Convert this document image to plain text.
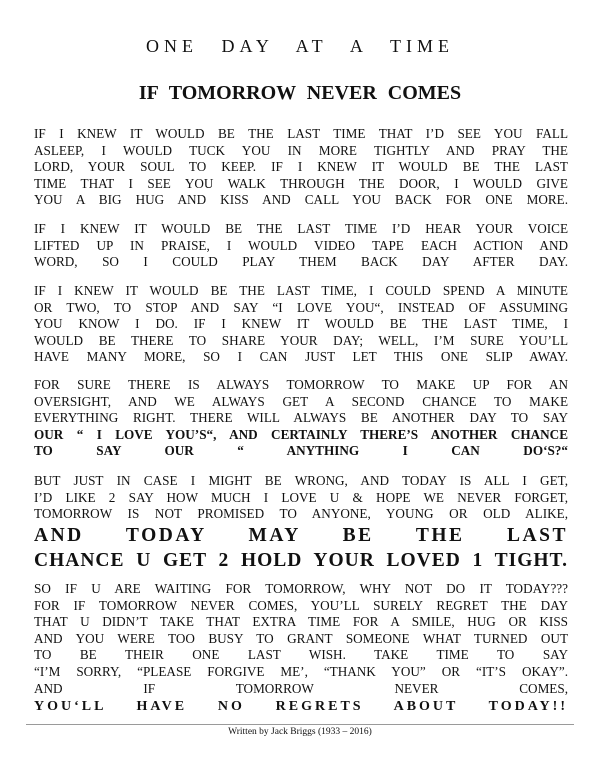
ONE DAY AT A TIME
IF TOMORROW NEVER COMES
IF I KNEW IT WOULD BE THE LAST TIME THAT I’D SEE YOU FALL
ASLEEP, I WOULD TUCK YOU IN MORE TIGHTLY AND PRAY THE
LORD, YOUR SOUL TO KEEP. IF I KNEW IT WOULD BE THE LAST
TIME THAT I SEE YOU WALK THROUGH THE DOOR, I WOULD GIVE
YOU A BIG HUG AND KISS AND CALL YOU BACK FOR ONE MORE.
IF I KNEW IT WOULD BE THE LAST TIME I’D HEAR YOUR VOICE
LIFTED UP IN PRAISE, I WOULD VIDEO TAPE EACH ACTION AND
WORD, SO I COULD PLAY THEM BACK DAY AFTER DAY.
IF I KNEW IT WOULD BE THE LAST TIME, I COULD SPEND A MINUTE
OR TWO, TO STOP AND SAY “I LOVE YOU“, INSTEAD OF ASSUMING
YOU KNOW I DO. IF I KNEW IT WOULD BE THE LAST TIME, I
WOULD BE THERE TO SHARE YOUR DAY; WELL, I’M SURE YOU’LL
HAVE MANY MORE, SO I CAN JUST LET THIS ONE SLIP AWAY.
FOR SURE THERE IS ALWAYS TOMORROW TO MAKE UP FOR AN
OVERSIGHT, AND WE ALWAYS GET A SECOND CHANCE TO MAKE
EVERYTHING RIGHT. THERE WILL ALWAYS BE ANOTHER DAY TO SAY
OUR “ I LOVE YOU’S“, AND CERTAINLY THERE’S ANOTHER CHANCE
TO SAY OUR “ ANYTHING I CAN DO‘S?“
BUT JUST IN CASE I MIGHT BE WRONG, AND TODAY IS ALL I GET,
I’D LIKE 2 SAY HOW MUCH I LOVE U & HOPE WE NEVER FORGET,
TOMORROW IS NOT PROMISED TO ANYONE, YOUNG OR OLD ALIKE,
AND TODAY MAY BE THE LAST
CHANCE U GET 2 HOLD YOUR LOVED 1 TIGHT.
SO IF U ARE WAITING FOR TOMORROW, WHY NOT DO IT TODAY???
FOR IF TOMORROW NEVER COMES, YOU’LL SURELY REGRET THE DAY
THAT U DIDN’T TAKE THAT EXTRA TIME FOR A SMILE, HUG OR KISS
AND YOU WERE TOO BUSY TO GRANT SOMEONE WHAT TURNED OUT
TO BE THEIR ONE LAST WISH. TAKE TIME TO SAY
“I’M SORRY, “PLEASE FORGIVE ME’, “THANK YOU” OR “IT’S OKAY”.
AND IF TOMORROW NEVER COMES,
YOU‘LL HAVE NO REGRETS ABOUT TODAY!!
Written by Jack Briggs (1933 – 2016)
